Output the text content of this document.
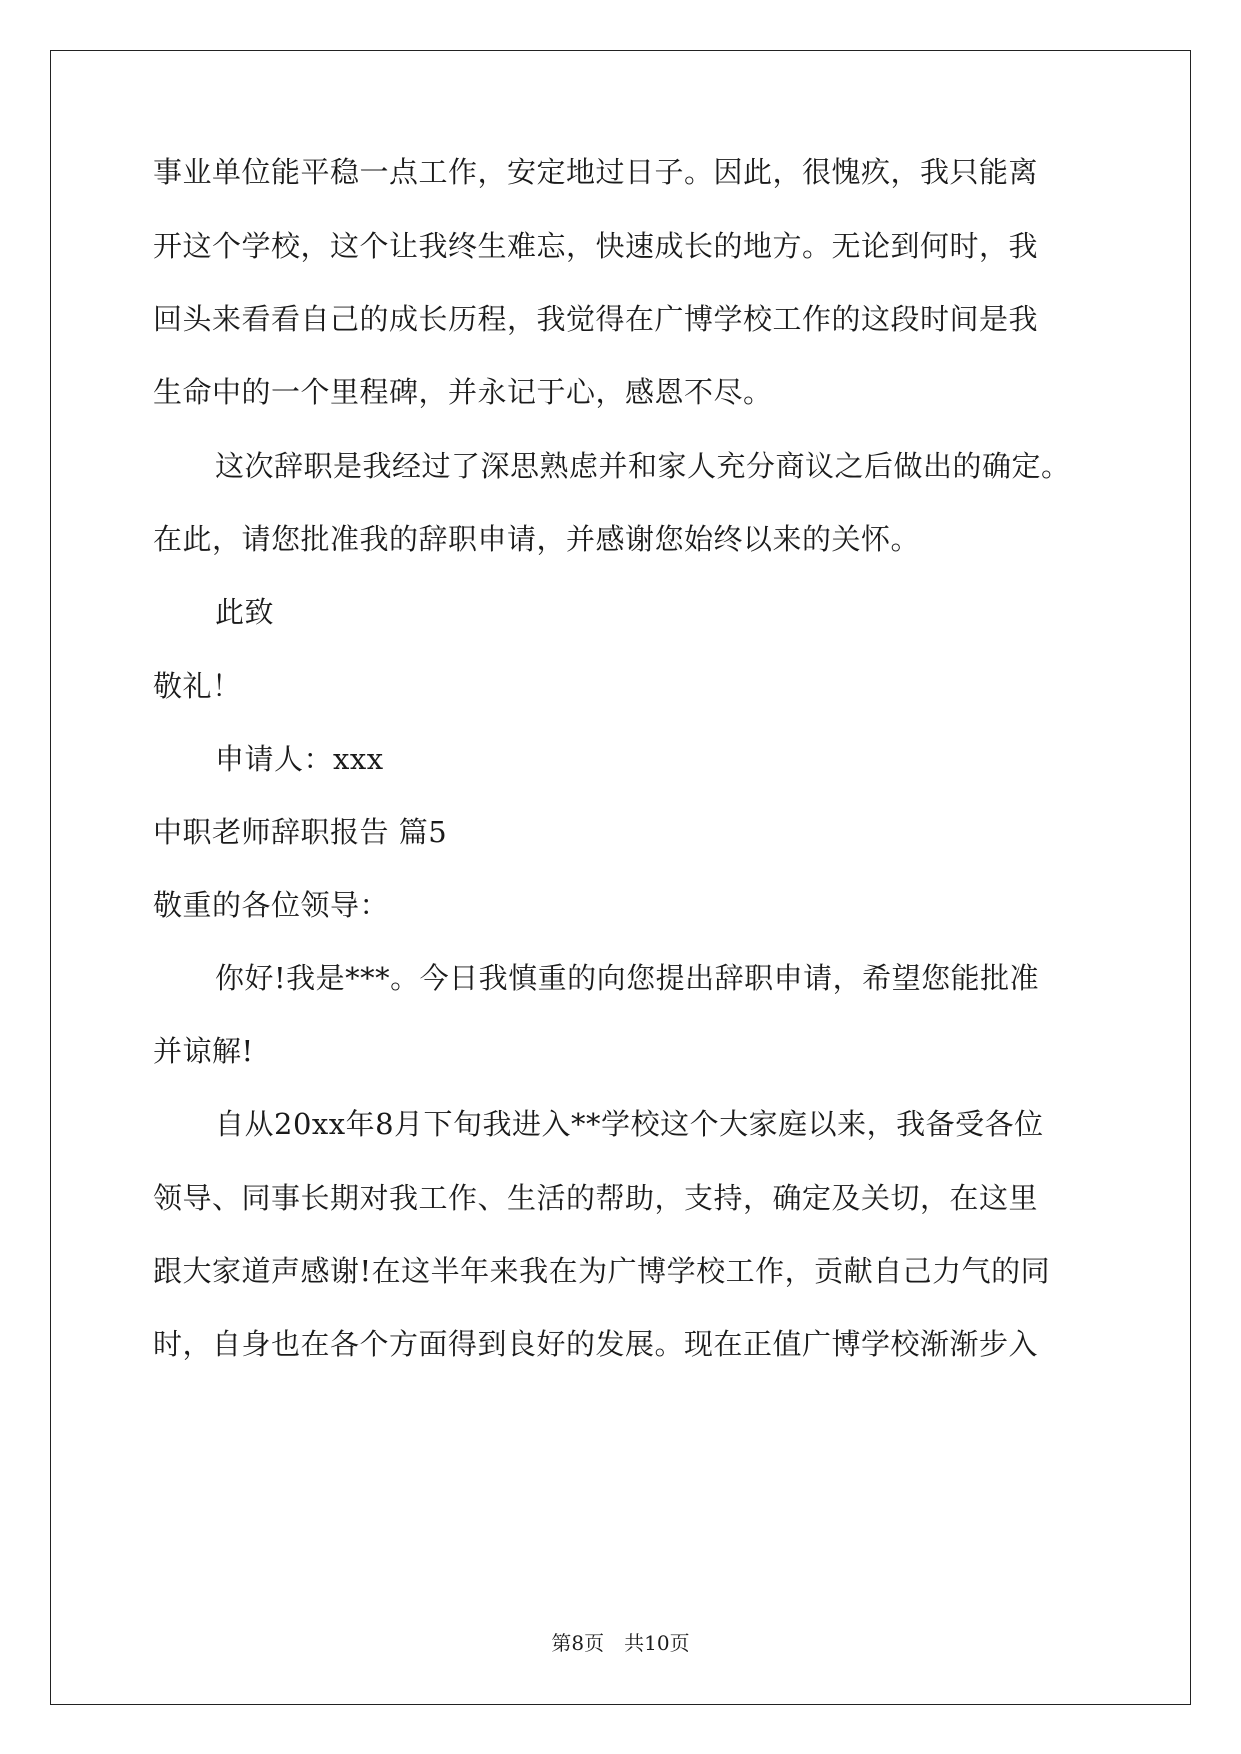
事业单位能平稳一点工作，安定地过日子。因此，很愧疚，我只能离
开这个学校，这个让我终生难忘，快速成长的地方。无论到何时，我
回头来看看自己的成长历程，我觉得在广博学校工作的这段时间是我
生命中的一个里程碑，并永记于心，感恩不尽。
这次辞职是我经过了深思熟虑并和家人充分商议之后做出的确定。
在此，请您批准我的辞职申请，并感谢您始终以来的关怀。
此致
敬礼！
申请人：xxx
中职老师辞职报告 篇5
敬重的各位领导：
你好!我是***。今日我慎重的向您提出辞职申请，希望您能批准
并谅解!
自从20xx年8月下旬我进入**学校这个大家庭以来，我备受各位
领导、同事长期对我工作、生活的帮助，支持，确定及关切，在这里
跟大家道声感谢!在这半年来我在为广博学校工作，贡献自己力气的同
时，自身也在各个方面得到良好的发展。现在正值广博学校渐渐步入
第8页　共10页
